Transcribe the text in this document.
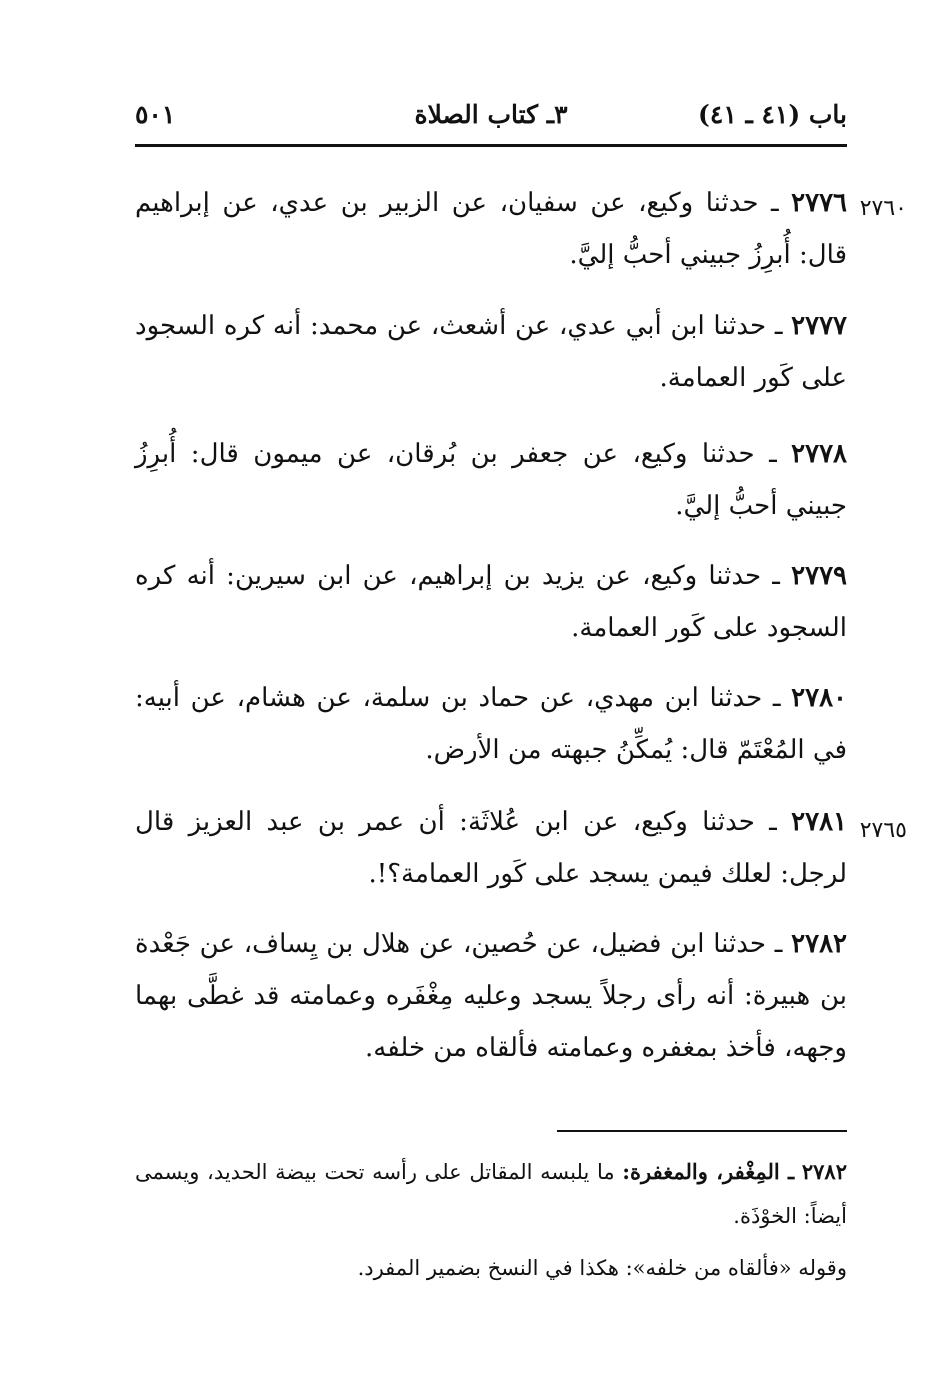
باب (٤١ ـ ٤١)
٣ـ كتاب الصلاة
٥٠١
٢٧٦٠
٢٧٦٥
٢٧٧٦ ـ حدثنا وكيع، عن سفيان، عن الزبير بن عدي، عن إبراهيم قال: أُبرِزُ جبيني أحبُّ إليَّ.
٢٧٧٧ ـ حدثنا ابن أبي عدي، عن أشعث، عن محمد: أنه كره السجود على كَور العمامة.
٢٧٧٨ ـ حدثنا وكيع، عن جعفر بن بُرقان، عن ميمون قال: أُبرِزُ جبيني أحبُّ إليَّ.
٢٧٧٩ ـ حدثنا وكيع، عن يزيد بن إبراهيم، عن ابن سيرين: أنه كره السجود على كَور العمامة.
٢٧٨٠ ـ حدثنا ابن مهدي، عن حماد بن سلمة، عن هشام، عن أبيه: في المُعْتَمّ قال: يُمكِّنُ جبهته من الأرض.
٢٧٨١ ـ حدثنا وكيع، عن ابن عُلاثَة: أن عمر بن عبد العزيز قال لرجل: لعلك فيمن يسجد على كَور العمامة؟!.
٢٧٨٢ ـ حدثنا ابن فضيل، عن حُصين، عن هلال بن يِساف، عن جَعْدة بن هبيرة: أنه رأى رجلاً يسجد وعليه مِغْفَره وعمامته قد غطَّى بهما وجهه، فأخذ بمغفره وعمامته فألقاه من خلفه.
٢٧٨٢ ـ المِغْفر، والمغفرة: ما يلبسه المقاتل على رأسه تحت بيضة الحديد، ويسمى أيضاً: الخوْذَة.
وقوله «فألقاه من خلفه»: هكذا في النسخ بضمير المفرد.
